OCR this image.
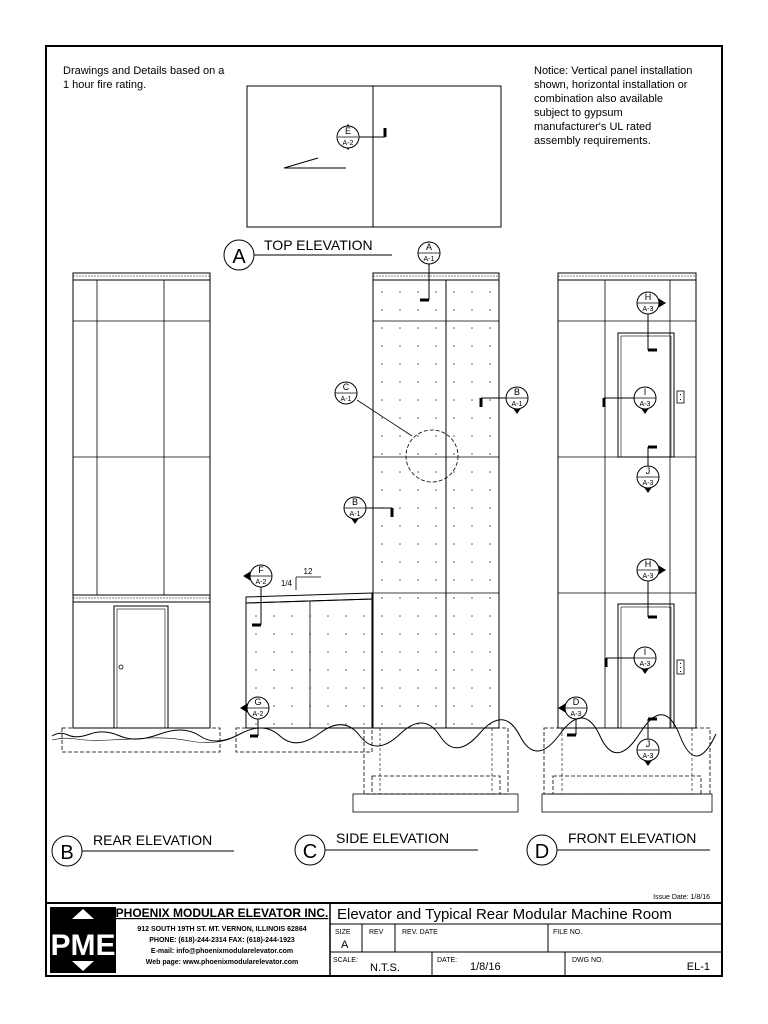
Drawings and Details based on a
1 hour fire rating.
Notice: Vertical panel installation
shown, horizontal installation or
combination also available
subject to gypsum
manufacturer's UL rated
assembly requirements.
E
A-2
A
TOP ELEVATION
B
REAR ELEVATION
12
1/4
A
A-1
C
A-1
B
A-1
B
A-1
F
A-2
G
A-2
C
SIDE ELEVATION
H
A-3
I
A-3
J
A-3
H
A-3
I
A-3
J
A-3
D
A-3
D
FRONT ELEVATION
Issue Date: 1/8/16
PME
PHOENIX MODULAR ELEVATOR INC.
912 SOUTH 19TH ST. MT. VERNON, ILLINOIS 62864
PHONE: (618)-244-2314 FAX: (618)-244-1923
E-mail: info@phoenixmodularelevator.com
Web page: www.phoenixmodularelevator.com
Elevator and Typical Rear Modular Machine Room
SIZE
A
REV	REV. DATE	FILE NO.
SCALE:
N.T.S.
DATE:
1/8/16
DWG NO.
EL-1
